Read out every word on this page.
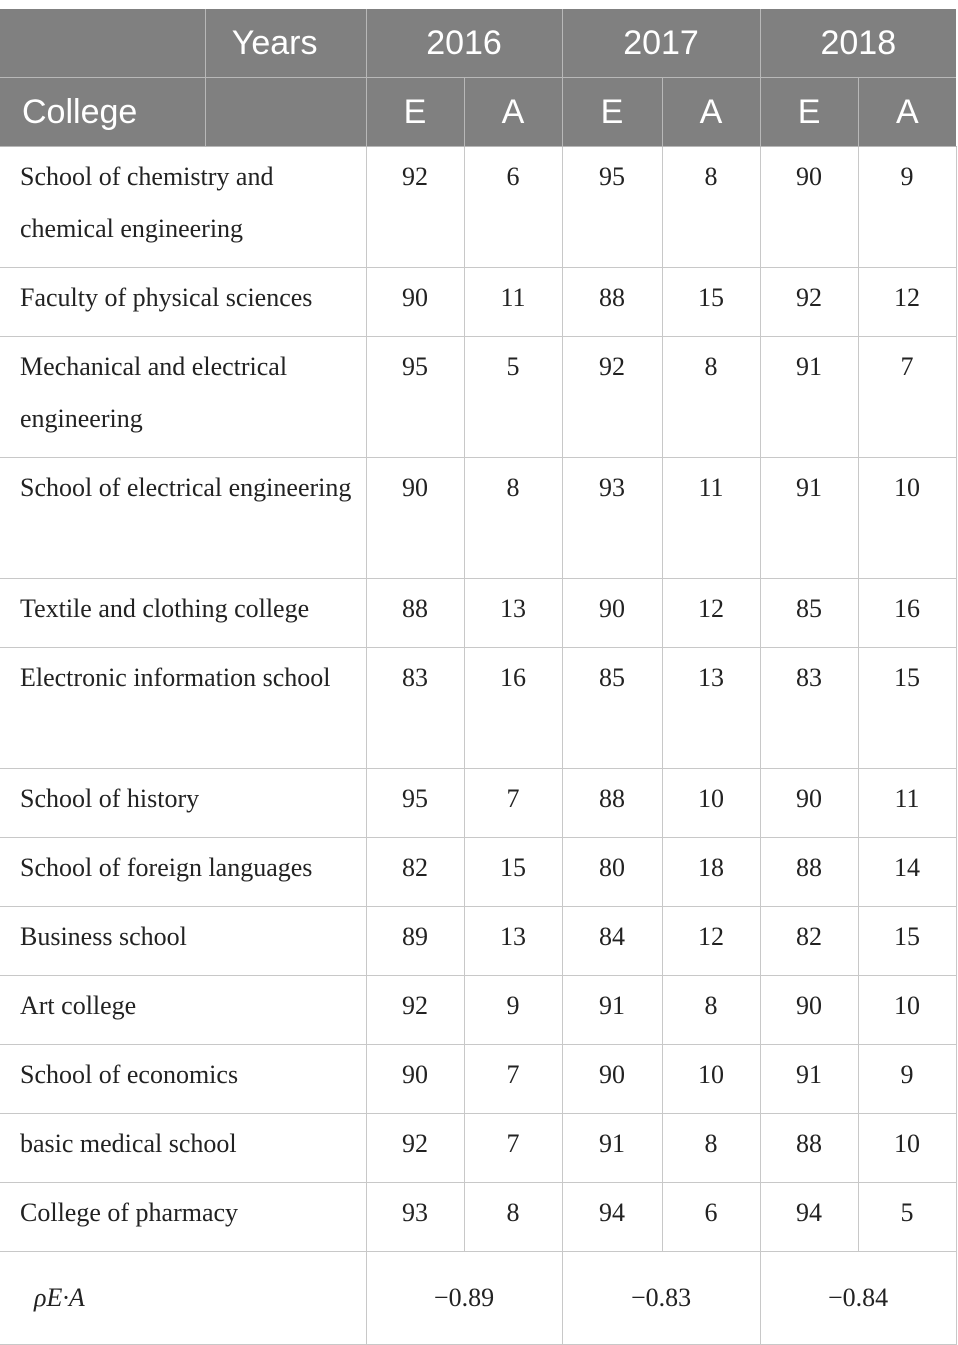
	Years	2016		2017		2018	
College		E	A	E	A	E	A
School of chemistry and chemical engineering		92	6	95	8	90	9
Faculty of physical sciences		90	11	88	15	92	12
Mechanical and electrical engineering		95	5	92	8	91	7
School of electrical engineering		90	8	93	11	91	10
Textile and clothing college		88	13	90	12	85	16
Electronic information school		83	16	85	13	83	15
School of history		95	7	88	10	90	11
School of foreign languages		82	15	80	18	88	14
Business school		89	13	84	12	82	15
Art college		92	9	91	8	90	10
School of economics		90	7	90	10	91	9
basic medical school		92	7	91	8	88	10
College of pharmacy		93	8	94	6	94	5
ρE·A		−0.89		−0.83		−0.84	
